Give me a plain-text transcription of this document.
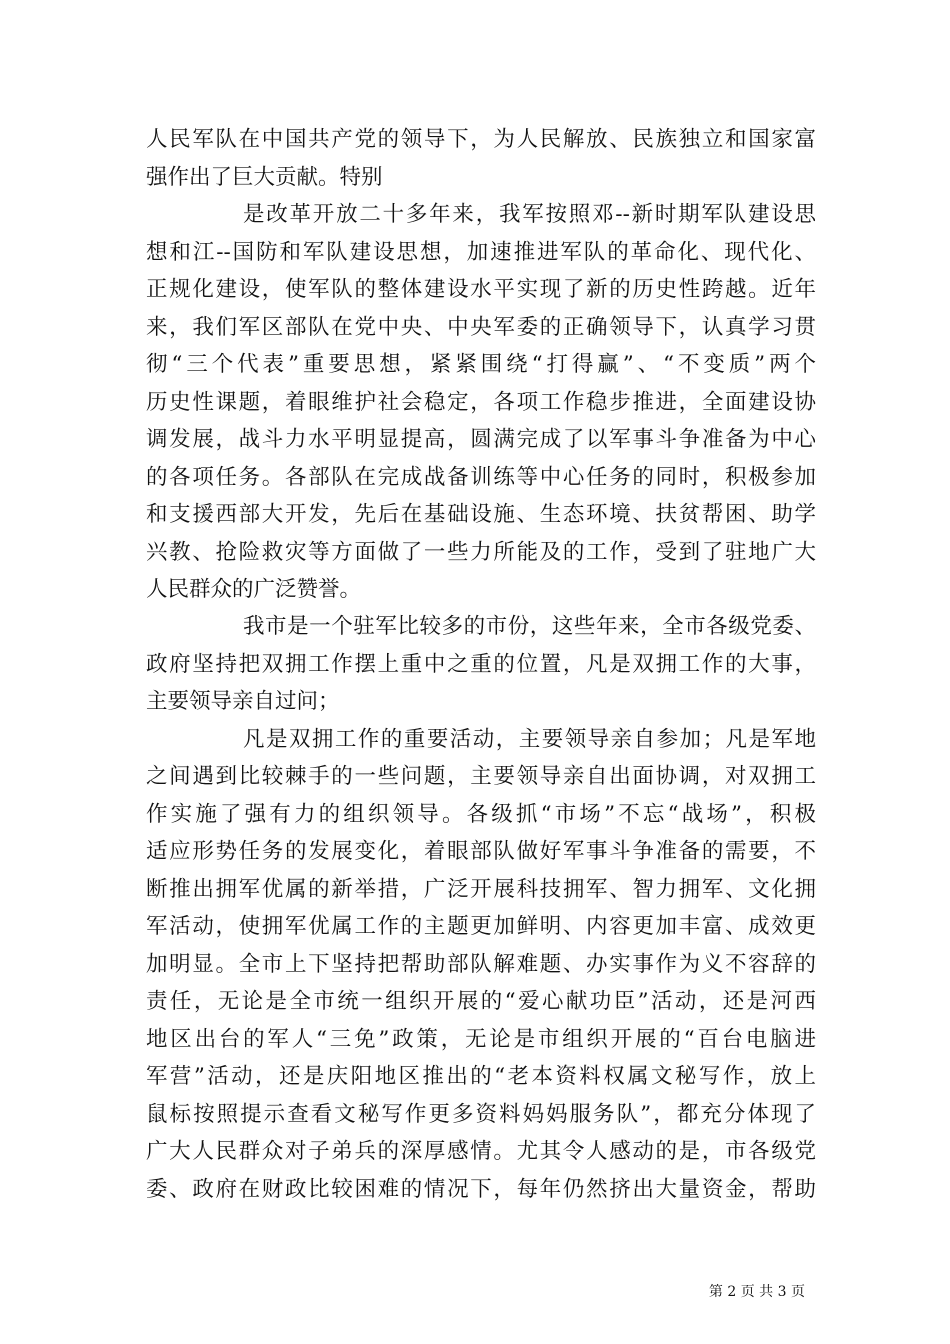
人民军队在中国共产党的领导下，为人民解放、民族独立和国家富
强作出了巨大贡献。特别
是改革开放二十多年来，我军按照邓--新时期军队建设思
想和江--国防和军队建设思想，加速推进军队的革命化、现代化、
正规化建设，使军队的整体建设水平实现了新的历史性跨越。近年
来，我们军区部队在党中央、中央军委的正确领导下，认真学习贯
彻“三个代表”重要思想，紧紧围绕“打得赢”、“不变质”两个
历史性课题，着眼维护社会稳定，各项工作稳步推进，全面建设协
调发展，战斗力水平明显提高，圆满完成了以军事斗争准备为中心
的各项任务。各部队在完成战备训练等中心任务的同时，积极参加
和支援西部大开发，先后在基础设施、生态环境、扶贫帮困、助学
兴教、抢险救灾等方面做了一些力所能及的工作，受到了驻地广大
人民群众的广泛赞誉。
我市是一个驻军比较多的市份，这些年来，全市各级党委、
政府坚持把双拥工作摆上重中之重的位置，凡是双拥工作的大事，
主要领导亲自过问；
凡是双拥工作的重要活动，主要领导亲自参加；凡是军地
之间遇到比较棘手的一些问题，主要领导亲自出面协调，对双拥工
作实施了强有力的组织领导。各级抓“市场”不忘“战场”，积极
适应形势任务的发展变化，着眼部队做好军事斗争准备的需要，不
断推出拥军优属的新举措，广泛开展科技拥军、智力拥军、文化拥
军活动，使拥军优属工作的主题更加鲜明、内容更加丰富、成效更
加明显。全市上下坚持把帮助部队解难题、办实事作为义不容辞的
责任，无论是全市统一组织开展的“爱心献功臣”活动，还是河西
地区出台的军人“三免”政策，无论是市组织开展的“百台电脑进
军营”活动，还是庆阳地区推出的“老本资料权属文秘写作，放上
鼠标按照提示查看文秘写作更多资料妈妈服务队”，都充分体现了
广大人民群众对子弟兵的深厚感情。尤其令人感动的是，市各级党
委、政府在财政比较困难的情况下，每年仍然挤出大量资金，帮助
第 2 页 共 3 页
